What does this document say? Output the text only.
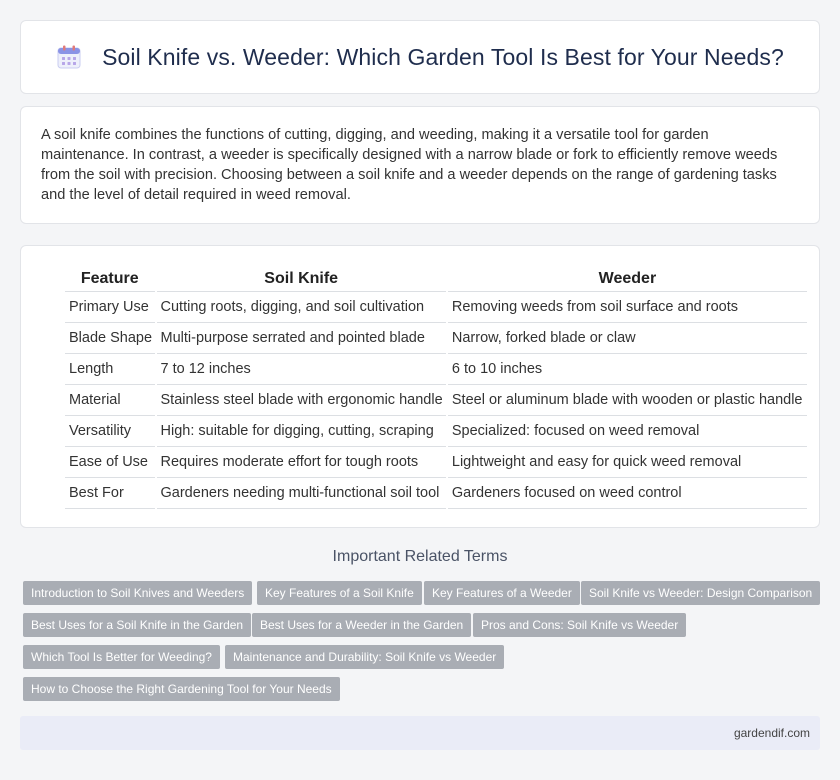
Soil Knife vs. Weeder: Which Garden Tool Is Best for Your Needs?

A soil knife combines the functions of cutting, digging, and weeding, making it a versatile tool for garden maintenance. In contrast, a weeder is specifically designed with a narrow blade or fork to efficiently remove weeds from the soil with precision. Choosing between a soil knife and a weeder depends on the range of gardening tasks and the level of detail required in weed removal.

Feature	Soil Knife	Weeder
Primary Use	Cutting roots, digging, and soil cultivation	Removing weeds from soil surface and roots
Blade Shape	Multi-purpose serrated and pointed blade	Narrow, forked blade or claw
Length	7 to 12 inches	6 to 10 inches
Material	Stainless steel blade with ergonomic handle	Steel or aluminum blade with wooden or plastic handle
Versatility	High: suitable for digging, cutting, scraping	Specialized: focused on weed removal
Ease of Use	Requires moderate effort for tough roots	Lightweight and easy for quick weed removal
Best For	Gardeners needing multi-functional soil tool	Gardeners focused on weed control
Important Related Terms
Introduction to Soil Knives and Weeders	Key Features of a Soil Knife	Key Features of a Weeder	Soil Knife vs Weeder: Design Comparison
Best Uses for a Soil Knife in the Garden	Best Uses for a Weeder in the Garden	Pros and Cons: Soil Knife vs Weeder
Which Tool Is Better for Weeding?	Maintenance and Durability: Soil Knife vs Weeder
How to Choose the Right Gardening Tool for Your Needs
gardendif.com
